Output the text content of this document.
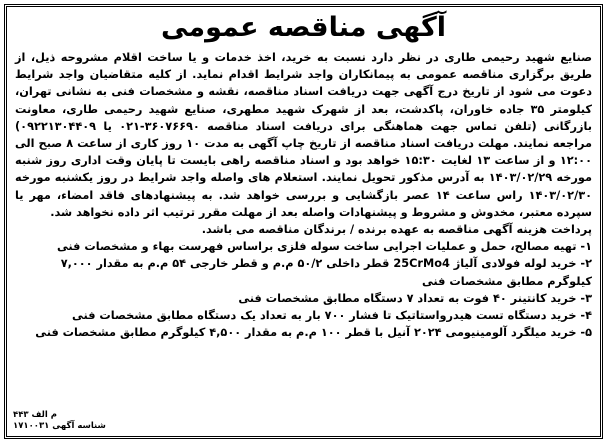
آگهی مناقصه عمومی

صنایع شهید رحیمی طاری در نظر دارد نسبت به خرید، اخذ خدمات و یا ساخت اقلام مشروحه ذیل، از طریق برگزاری مناقصه عمومی به پیمانکاران واجد شرایط اقدام نماید. از کلیه متقاضیان واجد شرایط دعوت می شود از تاریخ درج آگهی جهت دریافت اسناد مناقصه، نقشه و مشخصات فنی به نشانی تهران، کیلومتر ۳۵ جاده خاوران، پاکدشت، بعد از شهرک شهید مطهری، صنایع شهید رحیمی طاری، معاونت بازرگانی (تلفن تماس جهت هماهنگی برای دریافت اسناد مناقصه ۳۶۰۷۶۶۹۰-۰۲۱ یا ۰۹۲۲۱۳۰۴۴۰۹) مراجعه نمایند. مهلت دریافت اسناد مناقصه از تاریخ چاپ آگهی به مدت ۱۰ روز کاری از ساعت ۸ صبح الی ۱۲:۰۰ و از ساعت ۱۳ لغایت ۱۵:۳۰ خواهد بود و اسناد مناقصه راهی بایست تا پایان وقت اداری روز شنبه مورخه ۱۴۰۳/۰۲/۲۹ به آدرس مذکور تحویل نمایند. استعلام های واصله واجد شرایط در روز یکشنبه مورخه ۱۴۰۳/۰۲/۳۰ راس ساعت ۱۴ عصر بازگشایی و بررسی خواهد شد. به پیشنهادهای فاقد امضاء، مهر یا سپرده معتبر، مخدوش و مشروط و پیشنهادات واصله بعد از مهلت مقرر ترتیب اثر داده نخواهد شد.

پرداخت هزینه آگهی مناقصه به عهده برنده / برندگان مناقصه می باشد.
۱- تهیه مصالح، حمل و عملیات اجرایی ساخت سوله فلزی براساس فهرست بهاء و مشخصات فنی
۲- خرید لوله فولادی آلیاژ 25CrMo4 قطر داخلی ۵۰/۲ م.م و قطر خارجی ۵۴ م.م به مقدار ۷,۰۰۰ کیلوگرم مطابق مشخصات فنی
۳- خرید کانتینر ۴۰ فوت به تعداد ۷ دستگاه مطابق مشخصات فنی
۴- خرید دستگاه تست هیدرواستاتیک تا فشار ۷۰۰ بار به تعداد یک دستگاه مطابق مشخصات فنی
۵- خرید میلگرد آلومینیومی ۲۰۲۴ آنیل با قطر ۱۰۰ م.م به مقدار ۴,۵۰۰ کیلوگرم مطابق مشخصات فنی
م الف ۴۴۳
شناسه آگهی ۱۷۱۰۰۳۱
